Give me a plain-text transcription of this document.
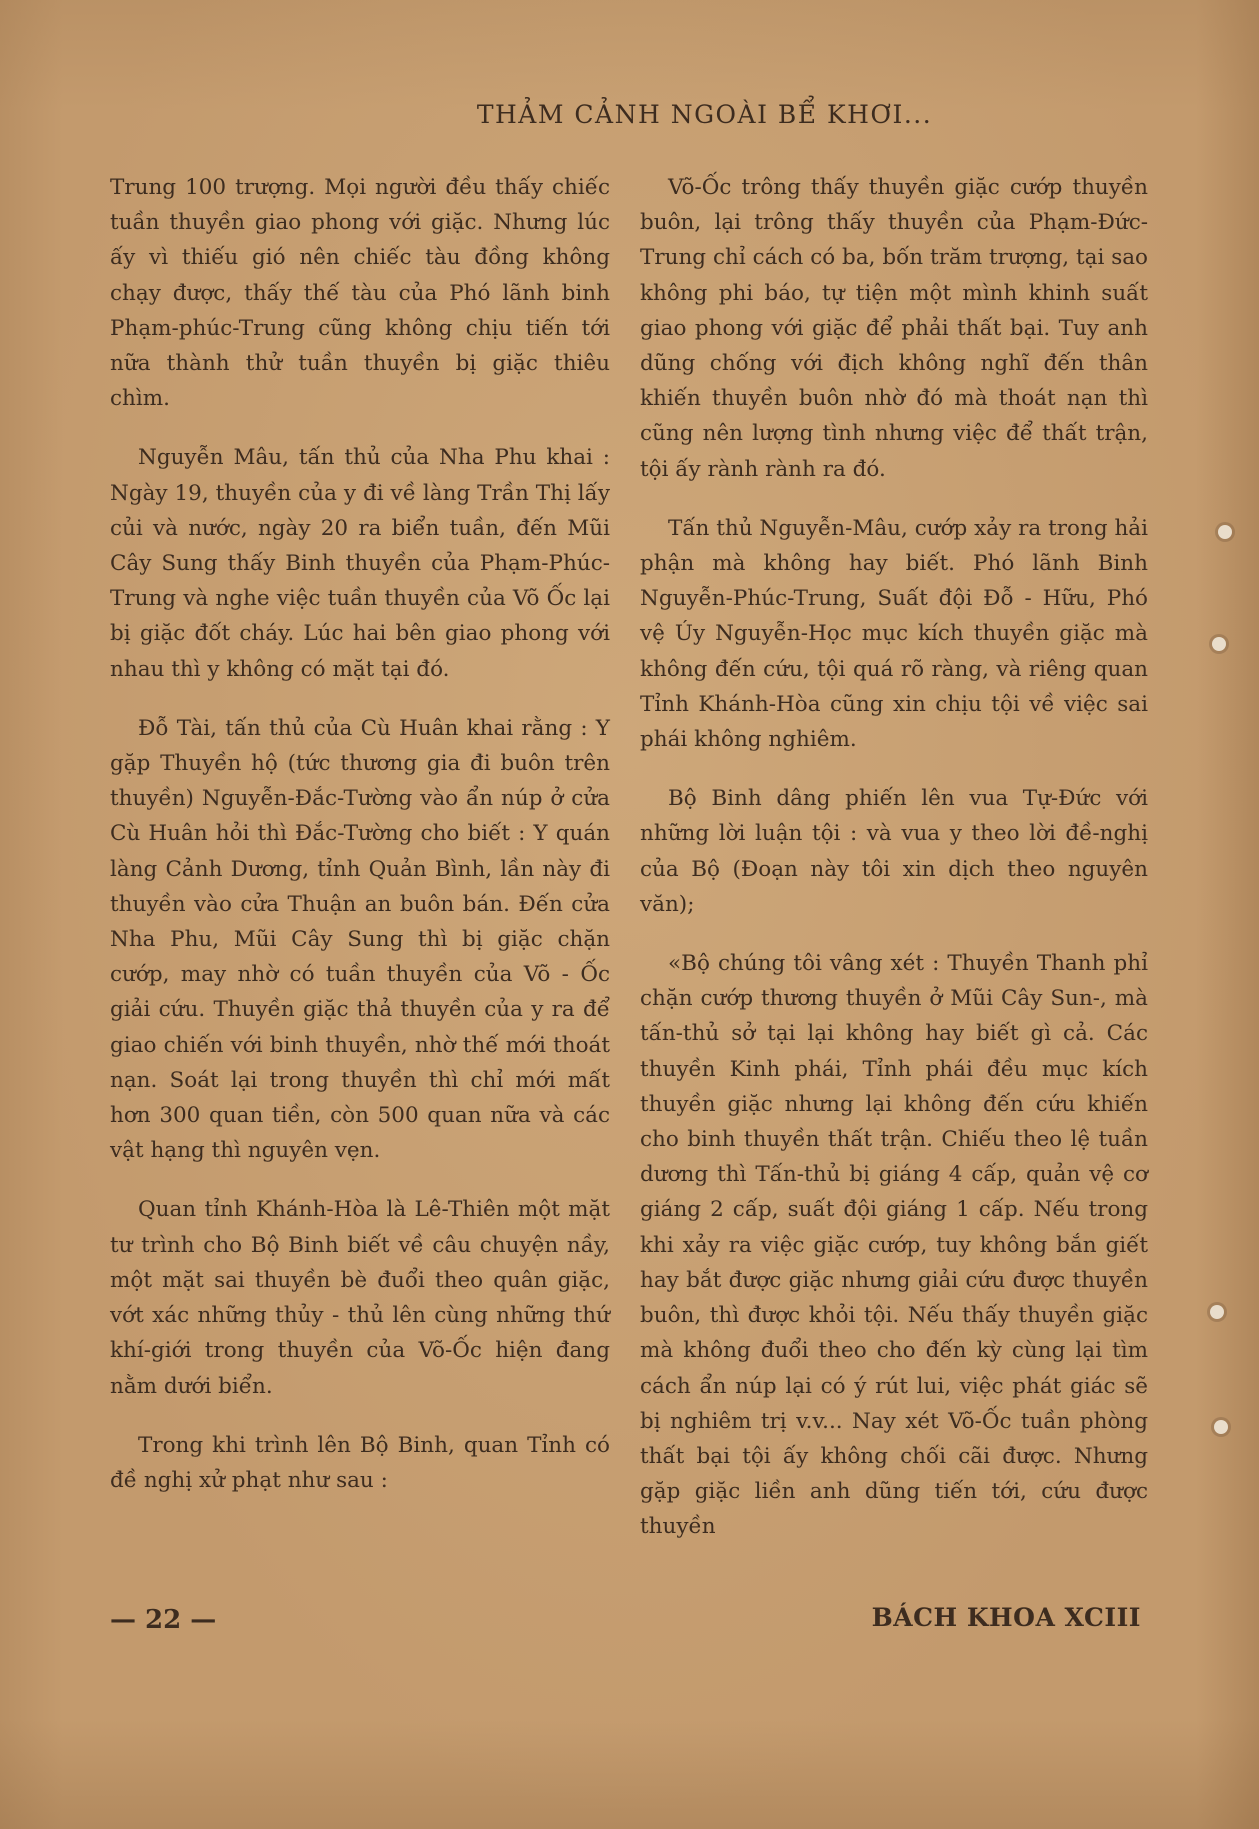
THẢM CẢNH NGOÀI BỂ KHƠI...

Trung 100 trượng. Mọi người đều thấy chiếc tuần thuyền giao phong với giặc. Nhưng lúc ấy vì thiếu gió nên chiếc tàu đồng không chạy được, thấy thế tàu của Phó lãnh binh Phạm-phúc-Trung cũng không chịu tiến tới nữa thành thử tuần thuyền bị giặc thiêu chìm.

Nguyễn Mâu, tấn thủ của Nha Phu khai : Ngày 19, thuyền của y đi về làng Trần Thị lấy củi và nước, ngày 20 ra biển tuần, đến Mũi Cây Sung thấy Binh thuyền của Phạm-Phúc-Trung và nghe việc tuần thuyền của Võ Ốc lại bị giặc đốt cháy. Lúc hai bên giao phong với nhau thì y không có mặt tại đó.

Đỗ Tài, tấn thủ của Cù Huân khai rằng : Y gặp Thuyền hộ (tức thương gia đi buôn trên thuyền) Nguyễn-Đắc-Tường vào ẩn núp ở cửa Cù Huân hỏi thì Đắc-Tường cho biết : Y quán làng Cảnh Dương, tỉnh Quản Bình, lần này đi thuyền vào cửa Thuận an buôn bán. Đến cửa Nha Phu, Mũi Cây Sung thì bị giặc chặn cướp, may nhờ có tuần thuyền của Võ - Ốc giải cứu. Thuyền giặc thả thuyền của y ra để giao chiến với binh thuyền, nhờ thế mới thoát nạn. Soát lại trong thuyền thì chỉ mới mất hơn 300 quan tiền, còn 500 quan nữa và các vật hạng thì nguyên vẹn.

Quan tỉnh Khánh-Hòa là Lê-Thiên một mặt tư trình cho Bộ Binh biết về câu chuyện nầy, một mặt sai thuyền bè đuổi theo quân giặc, vớt xác những thủy - thủ lên cùng những thứ khí-giới trong thuyền của Võ-Ốc hiện đang nằm dưới biển.

Trong khi trình lên Bộ Binh, quan Tỉnh có đề nghị xử phạt như sau :

Võ-Ốc trông thấy thuyền giặc cướp thuyền buôn, lại trông thấy thuyền của Phạm-Đức-Trung chỉ cách có ba, bốn trăm trượng, tại sao không phi báo, tự tiện một mình khinh suất giao phong với giặc để phải thất bại. Tuy anh dũng chống với địch không nghĩ đến thân khiến thuyền buôn nhờ đó mà thoát nạn thì cũng nên lượng tình nhưng việc để thất trận, tội ấy rành rành ra đó.

Tấn thủ Nguyễn-Mâu, cướp xảy ra trong hải phận mà không hay biết. Phó lãnh Binh Nguyễn-Phúc-Trung, Suất đội Đỗ - Hữu, Phó vệ Úy Nguyễn-Học mục kích thuyền giặc mà không đến cứu, tội quá rõ ràng, và riêng quan Tỉnh Khánh-Hòa cũng xin chịu tội về việc sai phái không nghiêm.

Bộ Binh dâng phiến lên vua Tự-Đức với những lời luận tội : và vua y theo lời đề-nghị của Bộ (Đoạn này tôi xin dịch theo nguyên văn);

«Bộ chúng tôi vâng xét : Thuyền Thanh phỉ chặn cướp thương thuyền ở Mũi Cây Sun-, mà tấn-thủ sở tại lại không hay biết gì cả. Các thuyền Kinh phái, Tỉnh phái đều mục kích thuyền giặc nhưng lại không đến cứu khiến cho binh thuyền thất trận. Chiếu theo lệ tuần dương thì Tấn-thủ bị giáng 4 cấp, quản vệ cơ giáng 2 cấp, suất đội giáng 1 cấp. Nếu trong khi xảy ra việc giặc cướp, tuy không bắn giết hay bắt được giặc nhưng giải cứu được thuyền buôn, thì được khỏi tội. Nếu thấy thuyền giặc mà không đuổi theo cho đến kỳ cùng lại tìm cách ẩn núp lại có ý rút lui, việc phát giác sẽ bị nghiêm trị v.v... Nay xét Võ-Ốc tuần phòng thất bại tội ấy không chối cãi được. Nhưng gặp giặc liền anh dũng tiến tới, cứu được thuyền

— 22 —	BÁCH KHOA XCIII
